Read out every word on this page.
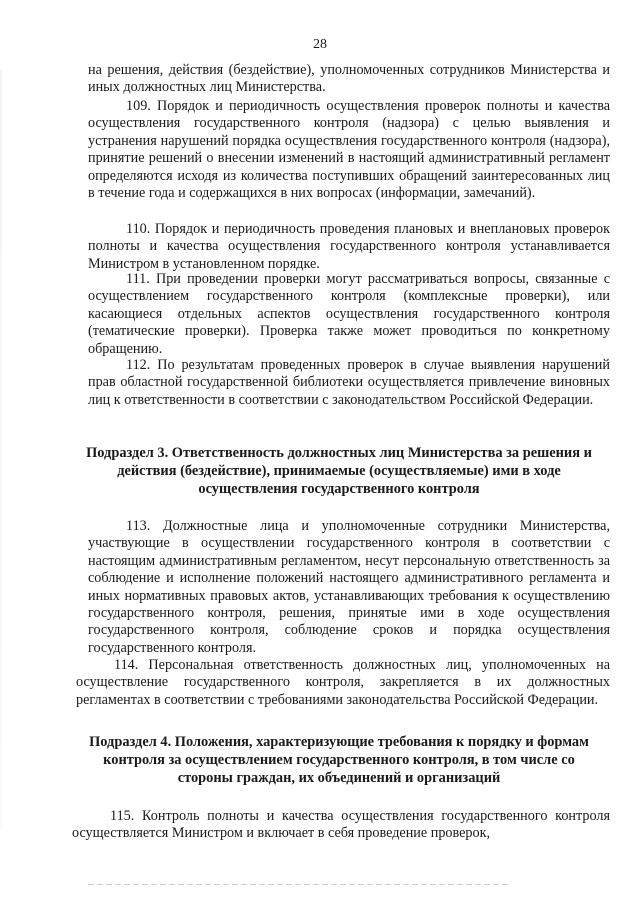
28

на решения, действия (бездействие), уполномоченных сотрудников Министерства и иных должностных лиц Министерства.

109. Порядок и периодичность осуществления проверок полноты и качества осуществления государственного контроля (надзора) с целью выявления и устранения нарушений порядка осуществления государственного контроля (надзора), принятие решений о внесении изменений в настоящий административный регламент определяются исходя из количества поступивших обращений заинтересованных лиц в течение года и содержащихся в них вопросах (информации, замечаний).

110. Порядок и периодичность проведения плановых и внеплановых проверок полноты и качества осуществления государственного контроля устанавливается Министром в установленном порядке.

111. При проведении проверки могут рассматриваться вопросы, связанные с осуществлением государственного контроля (комплексные проверки), или касающиеся отдельных аспектов осуществления государственного контроля (тематические проверки). Проверка также может проводиться по конкретному обращению.

112. По результатам проведенных проверок в случае выявления нарушений прав областной государственной библиотеки осуществляется привлечение виновных лиц к ответственности в соответствии с законодательством Российской Федерации.

Подраздел 3. Ответственность должностных лиц Министерства за решения и действия (бездействие), принимаемые (осуществляемые) ими в ходе осуществления государственного контроля

113. Должностные лица и уполномоченные сотрудники Министерства, участвующие в осуществлении государственного контроля в соответствии с настоящим административным регламентом, несут персональную ответственность за соблюдение и исполнение положений настоящего административного регламента и иных нормативных правовых актов, устанавливающих требования к осуществлению государственного контроля, решения, принятые ими в ходе осуществления государственного контроля, соблюдение сроков и порядка осуществления государственного контроля.

114. Персональная ответственность должностных лиц, уполномоченных на осуществление государственного контроля, закрепляется в их должностных регламентах в соответствии с требованиями законодательства Российской Федерации.

Подраздел 4. Положения, характеризующие требования к порядку и формам контроля за осуществлением государственного контроля, в том числе со стороны граждан, их объединений и организаций

115. Контроль полноты и качества осуществления государственного контроля осуществляется Министром и включает в себя проведение проверок,
